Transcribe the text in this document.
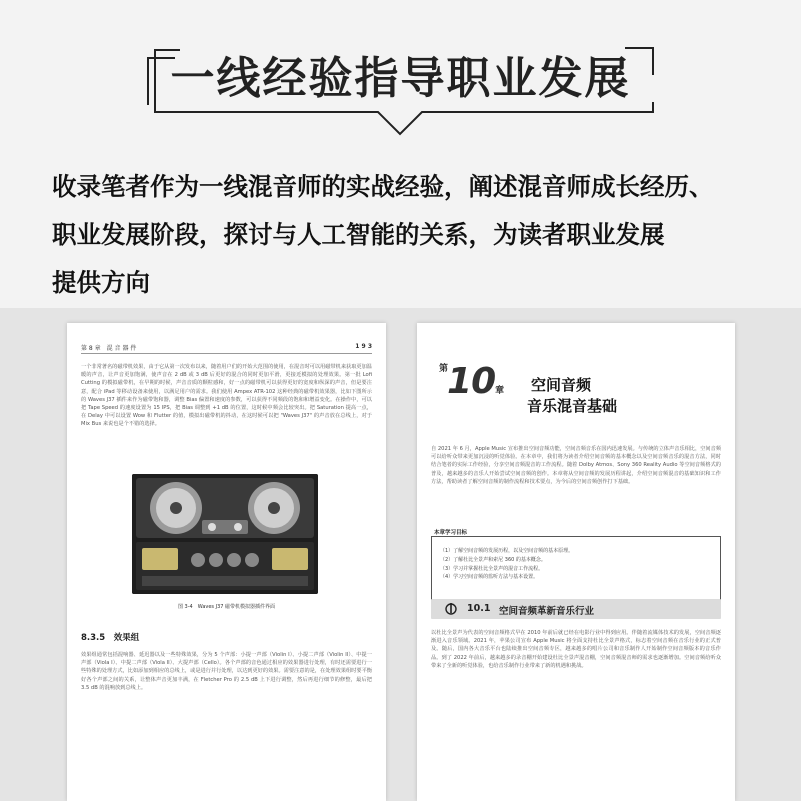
一线经验指导职业发展
收录笔者作为一线混音师的实战经验，阐述混音师成长经历、
职业发展阶段，探讨与人工智能的关系，为读者职业发展
提供方向
第 8 章　混 音 器 件	1 9 3
一个非常著名的磁带机效果，由于它从第一次发布以来，随着用户们的开始大范围的使用，在混音时可以用磁带机来获取更加温暖的声音，让声音更加饱满，使声音在 2 dB 或 3 dB 后更好的混合的同时更加平滑，更接近模拟的处理效果。第一批 Lofi Cutting 的模拟磁带机，在早期的时候，声音音质的颗粒感和，好一点的磁带机可以获得更好的宽度和纵深的声音，但是要注意，配合 iPad 等移动设备来使用，以满足用户的需求。我们使用 Ampex ATR-102 这种经典的磁带机效果器，比如下图所示的 Waves J37 插件来作为磁带饱和器，调整 Bias 偏置和速度的参数，可以获得不同频段的饱和和增益变化。在操作中，可以把 Tape Speed 的速度设置为 15 IPS，把 Bias 调整到 +1 dB 的位置，这时候中频会比较突出。把 Saturation 提高一点，在 Delay 中可以设置 Wow 和 Flutter 的值，模拟出磁带机的抖动，在这时候可以把 "Waves J37" 的声音放在总线上，对于 Mix Bus 来说也是个不错的选择。
图 3-4　Waves J37 磁带机模拟器插件界面
8.3.5　效果组
效果组通常包括混响器、延迟器以及一些特殊效果，分为 5 个声部：小提一声部（Violin I）、小提二声部（Violin II）、中提一声部（Viola I）、中提二声部（Viola II）、大提声部（Cello）。各个声部的音色通过相应的效果器进行处理，有时还需要进行一些特殊的处理方式，比如添加到相应的总线上，或是进行并行处理，以达到更好的效果。需要注意的是，在处理效果组时要平衡好各个声部之间的关系，让整体声音更加丰满，在 Fletcher Pro 的 2.5 dB 上下进行调整，然后再进行细节的修整，最后把 3.5 dB 的混响放到总线上。
$^第$10章 空间音频
音乐混音基础
自 2021 年 6 月，Apple Music 宣布推出空间音频功能，空间音频音乐在国内迅速发展。与传统的立体声音乐相比，空间音频可以给听众带来更加沉浸的听觉体验。在本章中，我们将为读者介绍空间音频的基本概念以及空间音频音乐的混音方法，同时结合笔者的实际工作经验，分享空间音频混音的工作流程。随着 Dolby Atmos、Sony 360 Reality Audio 等空间音频格式的普及，越来越多的音乐人开始尝试空间音频的创作。本章将从空间音频的发展历程讲起，介绍空间音频混音的基础知识和工作方法，帮助读者了解空间音频的制作流程和技术要点，为今后的空间音频创作打下基础。
本章学习目标
（1）了解空间音频的发展历程，以及空间音频的基本原理。
（2）了解杜比全景声和索尼 360 的基本概念。
（3）学习并掌握杜比全景声的混音工作流程。
（4）学习空间音频的监听方法与基本设置。
10.1 空间音频革新音乐行业
以杜比全景声为代表的空间音频格式早在 2010 年前后就已经在电影行业中得到应用。伴随着流媒体技术的发展，空间音频逐渐进入音乐领域。2021 年，苹果公司宣布 Apple Music 将全面支持杜比全景声格式，标志着空间音频在音乐行业的正式普及。随后，国内各大音乐平台也陆续推出空间音频专区，越来越多的唱片公司和音乐制作人开始制作空间音频版本的音乐作品。到了 2022 年前后，越来越多的录音棚开始建设杜比全景声混音棚，空间音频混音师的需求也逐渐增加。空间音频给听众带来了全新的听觉体验，也给音乐制作行业带来了新的机遇和挑战。
